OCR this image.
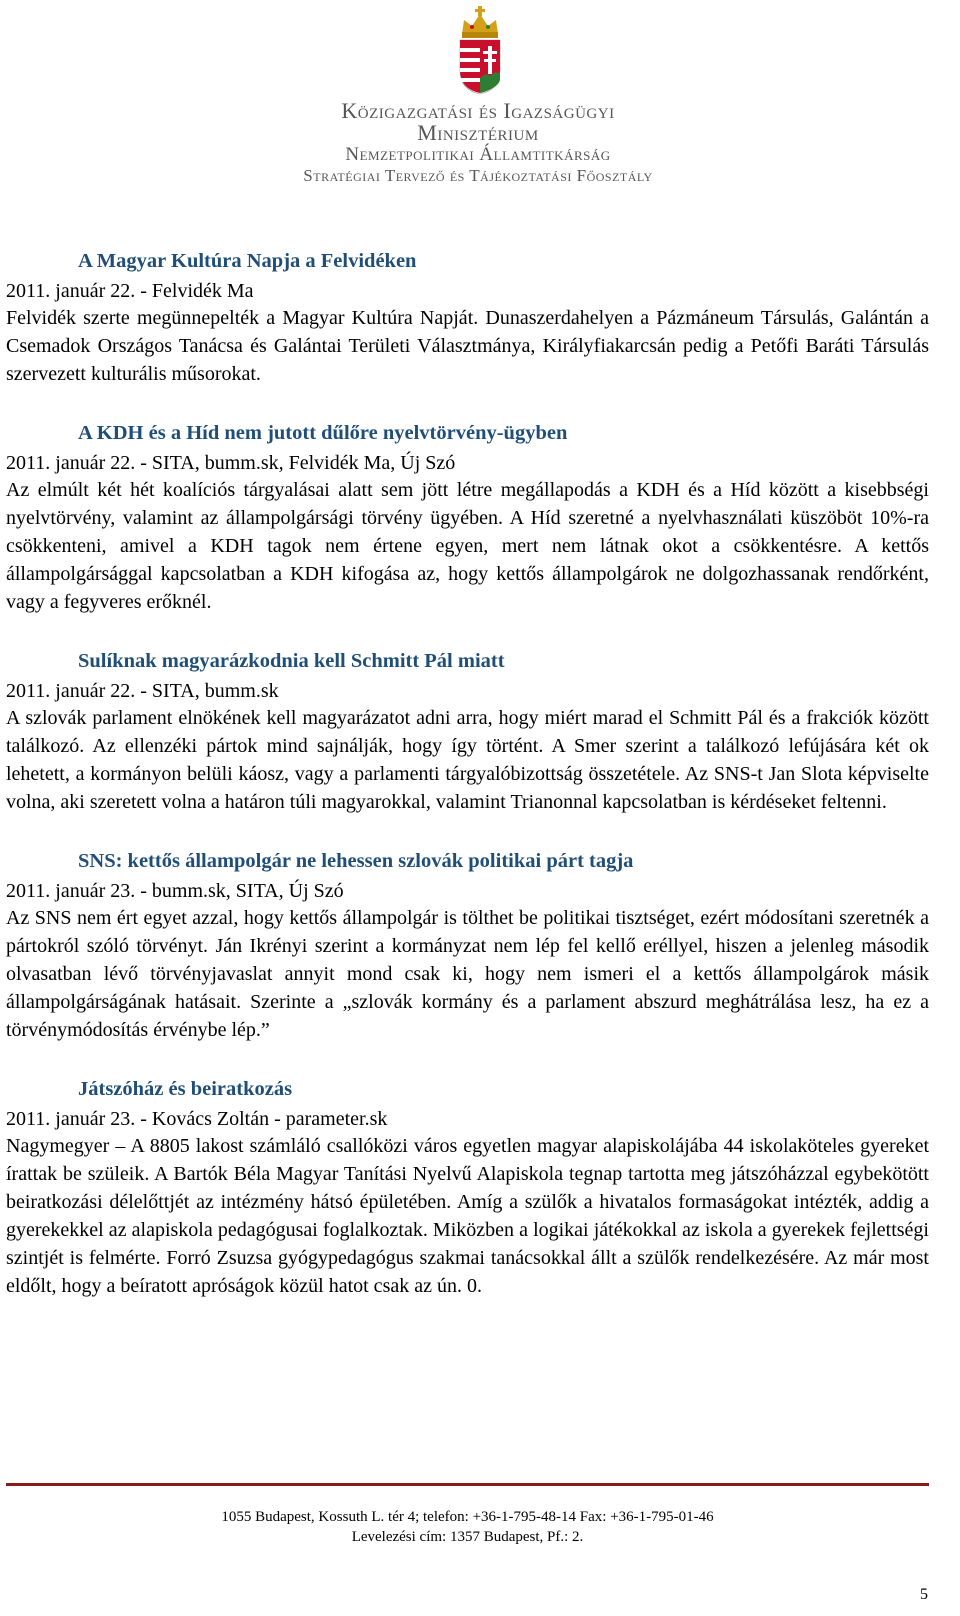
Közigazgatási és Igazságügyi
Minisztérium
Nemzetpolitikai Államtitkárság
Stratégiai Tervező és Tájékoztatási Főosztály
A Magyar Kultúra Napja a Felvidéken

2011. január 22. - Felvidék Ma

Felvidék szerte megünnepelték a Magyar Kultúra Napját. Dunaszerdahelyen a Pázmáneum Társulás, Galántán a Csemadok Országos Tanácsa és Galántai Területi Választmánya, Királyfiakarcsán pedig a Petőfi Baráti Társulás szervezett kulturális műsorokat.

A KDH és a Híd nem jutott dűlőre nyelvtörvény-ügyben

2011. január 22. - SITA, bumm.sk, Felvidék Ma, Új Szó

Az elmúlt két hét koalíciós tárgyalásai alatt sem jött létre megállapodás a KDH és a Híd között a kisebbségi nyelvtörvény, valamint az állampolgársági törvény ügyében. A Híd szeretné a nyelvhasználati küszöböt 10%-ra csökkenteni, amivel a KDH tagok nem értene egyen, mert nem látnak okot a csökkentésre. A kettős állampolgársággal kapcsolatban a KDH kifogása az, hogy kettős állampolgárok ne dolgozhassanak rendőrként, vagy a fegyveres erőknél.

Sulíknak magyarázkodnia kell Schmitt Pál miatt

2011. január 22. - SITA, bumm.sk

A szlovák parlament elnökének kell magyarázatot adni arra, hogy miért marad el Schmitt Pál és a frakciók között találkozó. Az ellenzéki pártok mind sajnálják, hogy így történt. A Smer szerint a találkozó lefújására két ok lehetett, a kormányon belüli káosz, vagy a parlamenti tárgyalóbizottság összetétele. Az SNS-t Jan Slota képviselte volna, aki szeretett volna a határon túli magyarokkal, valamint Trianonnal kapcsolatban is kérdéseket feltenni.

SNS: kettős állampolgár ne lehessen szlovák politikai párt tagja

2011. január 23. - bumm.sk, SITA, Új Szó

Az SNS nem ért egyet azzal, hogy kettős állampolgár is tölthet be politikai tisztséget, ezért módosítani szeretnék a pártokról szóló törvényt. Ján Ikrényi szerint a kormányzat nem lép fel kellő eréllyel, hiszen a jelenleg második olvasatban lévő törvényjavaslat annyit mond csak ki, hogy nem ismeri el a kettős állampolgárok másik állampolgárságának hatásait. Szerinte a „szlovák kormány és a parlament abszurd meghátrálása lesz, ha ez a törvénymódosítás érvénybe lép.”

Játszóház és beiratkozás

2011. január 23. - Kovács Zoltán - parameter.sk

Nagymegyer – A 8805 lakost számláló csallóközi város egyetlen magyar alapiskolájába 44 iskolaköteles gyereket írattak be szüleik. A Bartók Béla Magyar Tanítási Nyelvű Alapiskola tegnap tartotta meg játszóházzal egybekötött beiratkozási délelőttjét az intézmény hátsó épületében. Amíg a szülők a hivatalos formaságokat intézték, addig a gyerekekkel az alapiskola pedagógusai foglalkoztak. Miközben a logikai játékokkal az iskola a gyerekek fejlettségi szintjét is felmérte. Forró Zsuzsa gyógypedagógus szakmai tanácsokkal állt a szülők rendelkezésére. Az már most eldőlt, hogy a beíratott apróságok közül hatot csak az ún. 0.

1055 Budapest, Kossuth L. tér 4; telefon: +36-1-795-48-14 Fax: +36-1-795-01-46
Levelezési cím: 1357 Budapest, Pf.: 2.
5
